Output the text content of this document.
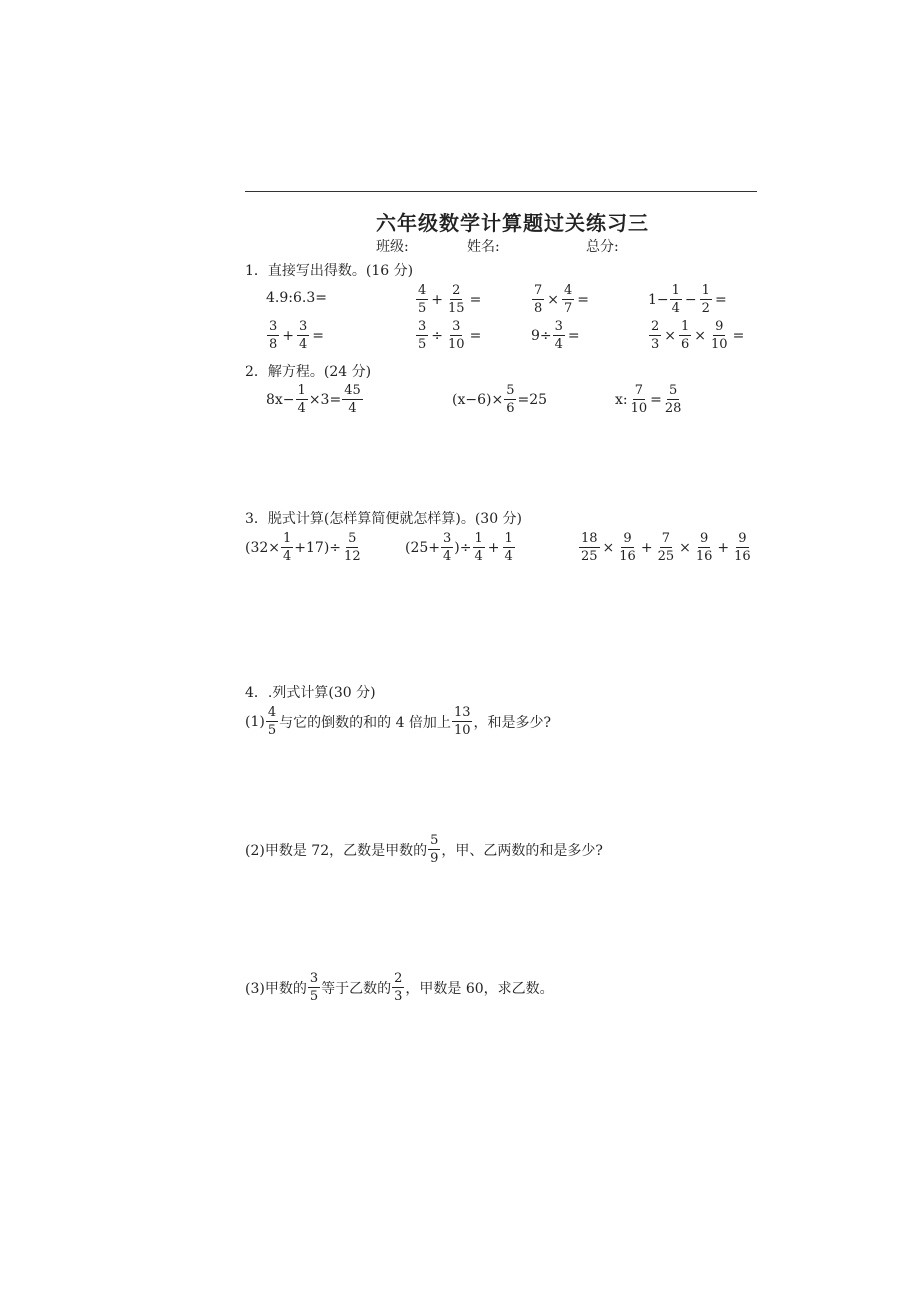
六年级数学计算题过关练习三
班级:	姓名:	总分:
1．直接写出得数。(16 分)
4.9:6.3=	$\frac{4}{5} + \frac{2}{15}$ =	$\frac{7}{8} \times \frac{4}{7}$ =	$1- \frac{1}{4} - \frac{1}{2}$ =
$\frac{3}{8} + \frac{3}{4}$ =	$\frac{3}{5} \div \frac{3}{10}$ =	$9\div \frac{3}{4}$ =	$\frac{2}{3} \times \frac{1}{6} \times \frac{9}{10}$ =
2．解方程。(24 分)
$8x- \frac{1}{4} \times 3= \frac{45}{4}$	$(x-6)\times \frac{5}{6} =25$	x: $\frac{7}{10} = \frac{5}{28}$
3．脱式计算(怎样算简便就怎样算)。(30 分)
$(32\times \frac{1}{4} +17)\div \frac{5}{12}$	($25+ \frac{3}{4}$ )÷ $\frac{1}{4} + \frac{1}{4}$	$\frac{18}{25} \times \frac{9}{16} + \frac{7}{25} \times \frac{9}{16} + \frac{9}{16}$
4．.列式计算(30 分)
$(1) \frac{4}{5}$ 与它的倒数的和的 4 倍加上 $\frac{13}{10}$ ，和是多少?
(2)甲数是 72，乙数是甲数的 $\frac{5}{9}$ ，甲、乙两数的和是多少?
(3)甲数的 $\frac{3}{5}$ 等于乙数的 $\frac{2}{3}$ ，甲数是 60，求乙数。
